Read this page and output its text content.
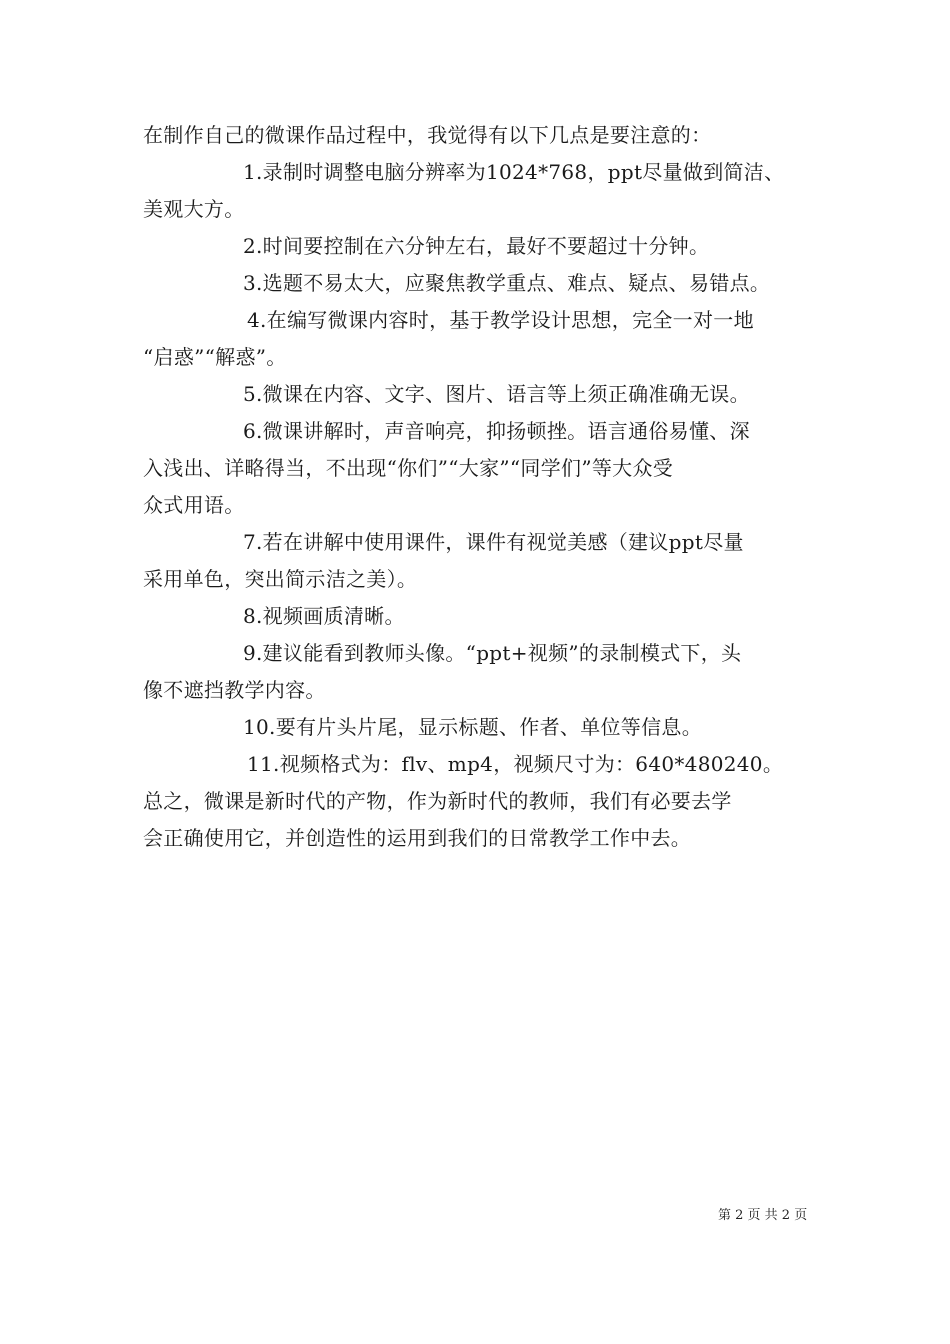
在制作自己的微课作品过程中，我觉得有以下几点是要注意的：
1.录制时调整电脑分辨率为1024*768，ppt尽量做到简洁、
美观大方。
2.时间要控制在六分钟左右，最好不要超过十分钟。
3.选题不易太大，应聚焦教学重点、难点、疑点、易错点。
4.在编写微课内容时，基于教学设计思想，完全一对一地
“启惑”“解惑”。
5.微课在内容、文字、图片、语言等上须正确准确无误。
6.微课讲解时，声音响亮，抑扬顿挫。语言通俗易懂、深
入浅出、详略得当，不出现“你们”“大家”“同学们”等大众受
众式用语。
7.若在讲解中使用课件，课件有视觉美感（建议ppt尽量
采用单色，突出简示洁之美）。
8.视频画质清晰。
9.建议能看到教师头像。“ppt+视频”的录制模式下，头
像不遮挡教学内容。
10.要有片头片尾，显示标题、作者、单位等信息。
11.视频格式为：flv、mp4，视频尺寸为：640*480240。
总之，微课是新时代的产物，作为新时代的教师，我们有必要去学
会正确使用它，并创造性的运用到我们的日常教学工作中去。
第 2 页 共 2 页
